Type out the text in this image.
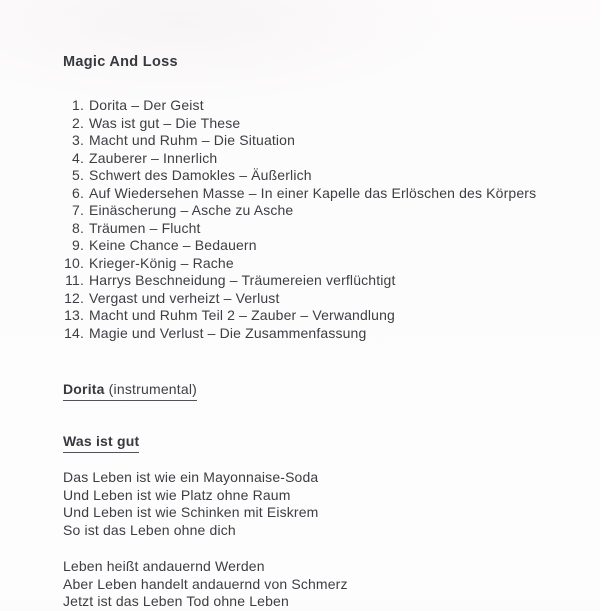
Magic And Loss
1. Dorita – Der Geist
2. Was ist gut – Die These
3. Macht und Ruhm – Die Situation
4. Zauberer – Innerlich
5. Schwert des Damokles – Äußerlich
6. Auf Wiedersehen Masse – In einer Kapelle das Erlöschen des Körpers
7. Einäscherung – Asche zu Asche
8. Träumen – Flucht
9. Keine Chance – Bedauern
10. Krieger-König – Rache
11. Harrys Beschneidung – Träumereien verflüchtigt
12. Vergast und verheizt – Verlust
13. Macht und Ruhm Teil 2 – Zauber – Verwandlung
14. Magie und Verlust – Die Zusammenfassung
Dorita (instrumental)
Was ist gut
Das Leben ist wie ein Mayonnaise-Soda
Und Leben ist wie Platz ohne Raum
Und Leben ist wie Schinken mit Eiskrem
So ist das Leben ohne dich
Leben heißt andauernd Werden
Aber Leben handelt andauernd von Schmerz
Jetzt ist das Leben Tod ohne Leben
